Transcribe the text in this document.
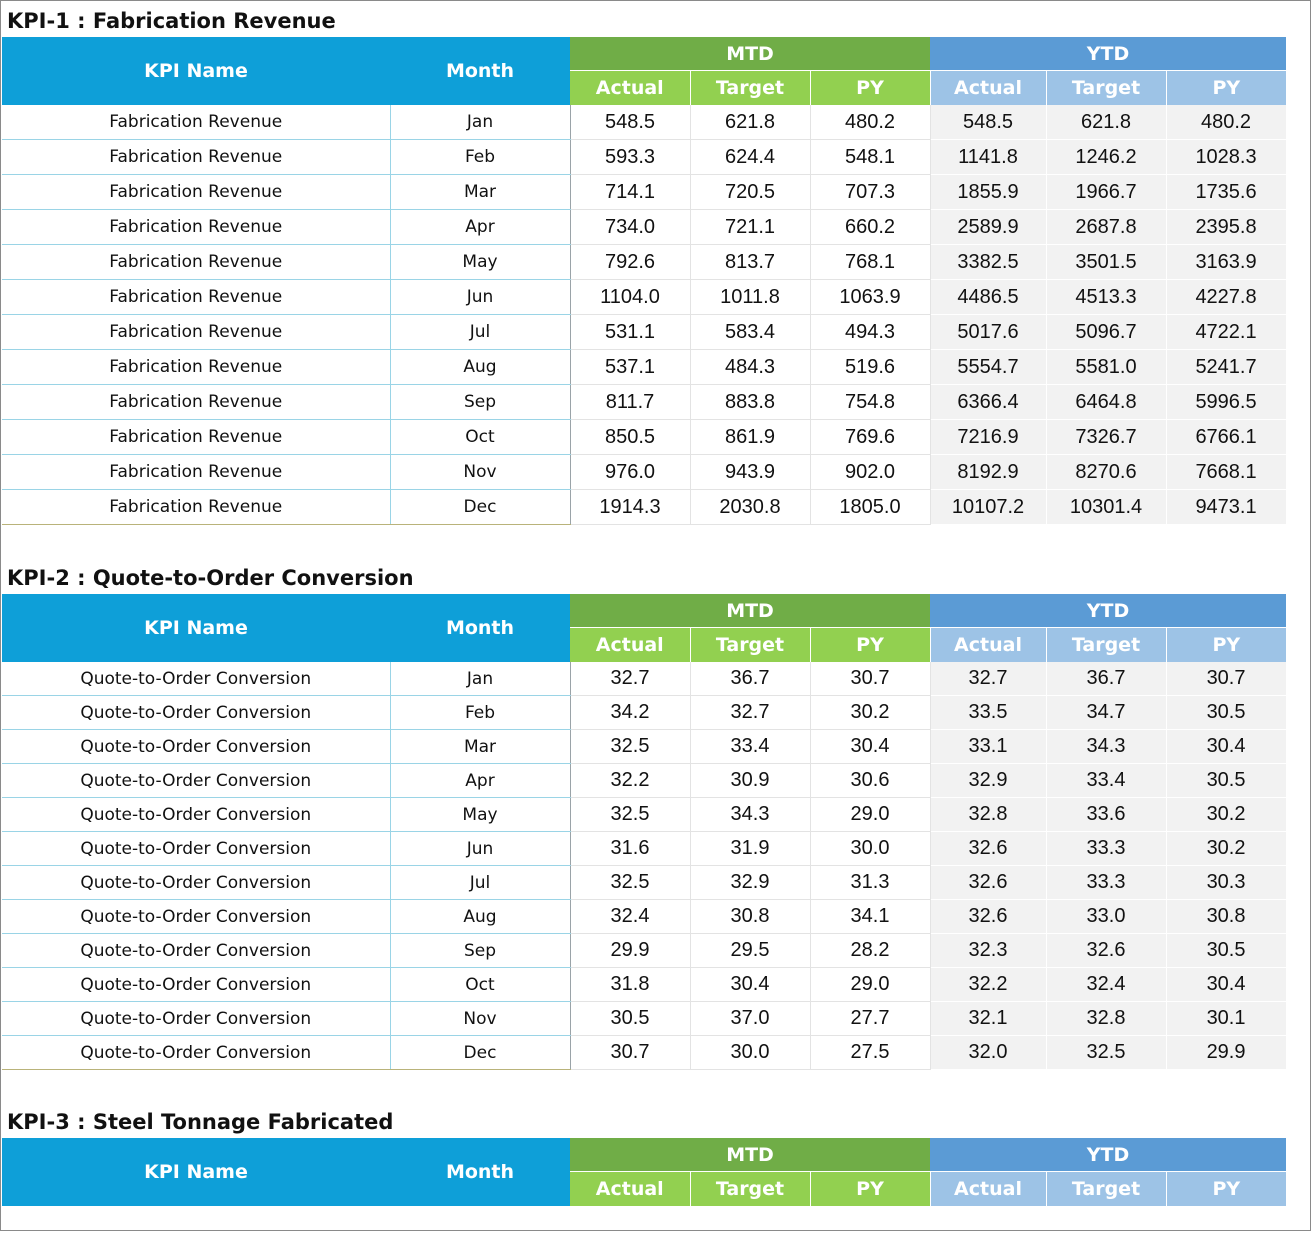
KPI-1 : Fabrication Revenue
KPI Name	Month	MTD			YTD		
		Actual	Target	PY	Actual	Target	PY
Fabrication Revenue	Jan	548.5	621.8	480.2	548.5	621.8	480.2
Fabrication Revenue	Feb	593.3	624.4	548.1	1141.8	1246.2	1028.3
Fabrication Revenue	Mar	714.1	720.5	707.3	1855.9	1966.7	1735.6
Fabrication Revenue	Apr	734.0	721.1	660.2	2589.9	2687.8	2395.8
Fabrication Revenue	May	792.6	813.7	768.1	3382.5	3501.5	3163.9
Fabrication Revenue	Jun	1104.0	1011.8	1063.9	4486.5	4513.3	4227.8
Fabrication Revenue	Jul	531.1	583.4	494.3	5017.6	5096.7	4722.1
Fabrication Revenue	Aug	537.1	484.3	519.6	5554.7	5581.0	5241.7
Fabrication Revenue	Sep	811.7	883.8	754.8	6366.4	6464.8	5996.5
Fabrication Revenue	Oct	850.5	861.9	769.6	7216.9	7326.7	6766.1
Fabrication Revenue	Nov	976.0	943.9	902.0	8192.9	8270.6	7668.1
Fabrication Revenue	Dec	1914.3	2030.8	1805.0	10107.2	10301.4	9473.1
KPI-2 : Quote-to-Order Conversion
KPI Name	Month	MTD			YTD		
		Actual	Target	PY	Actual	Target	PY
Quote-to-Order Conversion	Jan	32.7	36.7	30.7	32.7	36.7	30.7
Quote-to-Order Conversion	Feb	34.2	32.7	30.2	33.5	34.7	30.5
Quote-to-Order Conversion	Mar	32.5	33.4	30.4	33.1	34.3	30.4
Quote-to-Order Conversion	Apr	32.2	30.9	30.6	32.9	33.4	30.5
Quote-to-Order Conversion	May	32.5	34.3	29.0	32.8	33.6	30.2
Quote-to-Order Conversion	Jun	31.6	31.9	30.0	32.6	33.3	30.2
Quote-to-Order Conversion	Jul	32.5	32.9	31.3	32.6	33.3	30.3
Quote-to-Order Conversion	Aug	32.4	30.8	34.1	32.6	33.0	30.8
Quote-to-Order Conversion	Sep	29.9	29.5	28.2	32.3	32.6	30.5
Quote-to-Order Conversion	Oct	31.8	30.4	29.0	32.2	32.4	30.4
Quote-to-Order Conversion	Nov	30.5	37.0	27.7	32.1	32.8	30.1
Quote-to-Order Conversion	Dec	30.7	30.0	27.5	32.0	32.5	29.9
KPI-3 : Steel Tonnage Fabricated
KPI Name	Month	MTD			YTD		
		Actual	Target	PY	Actual	Target	PY
